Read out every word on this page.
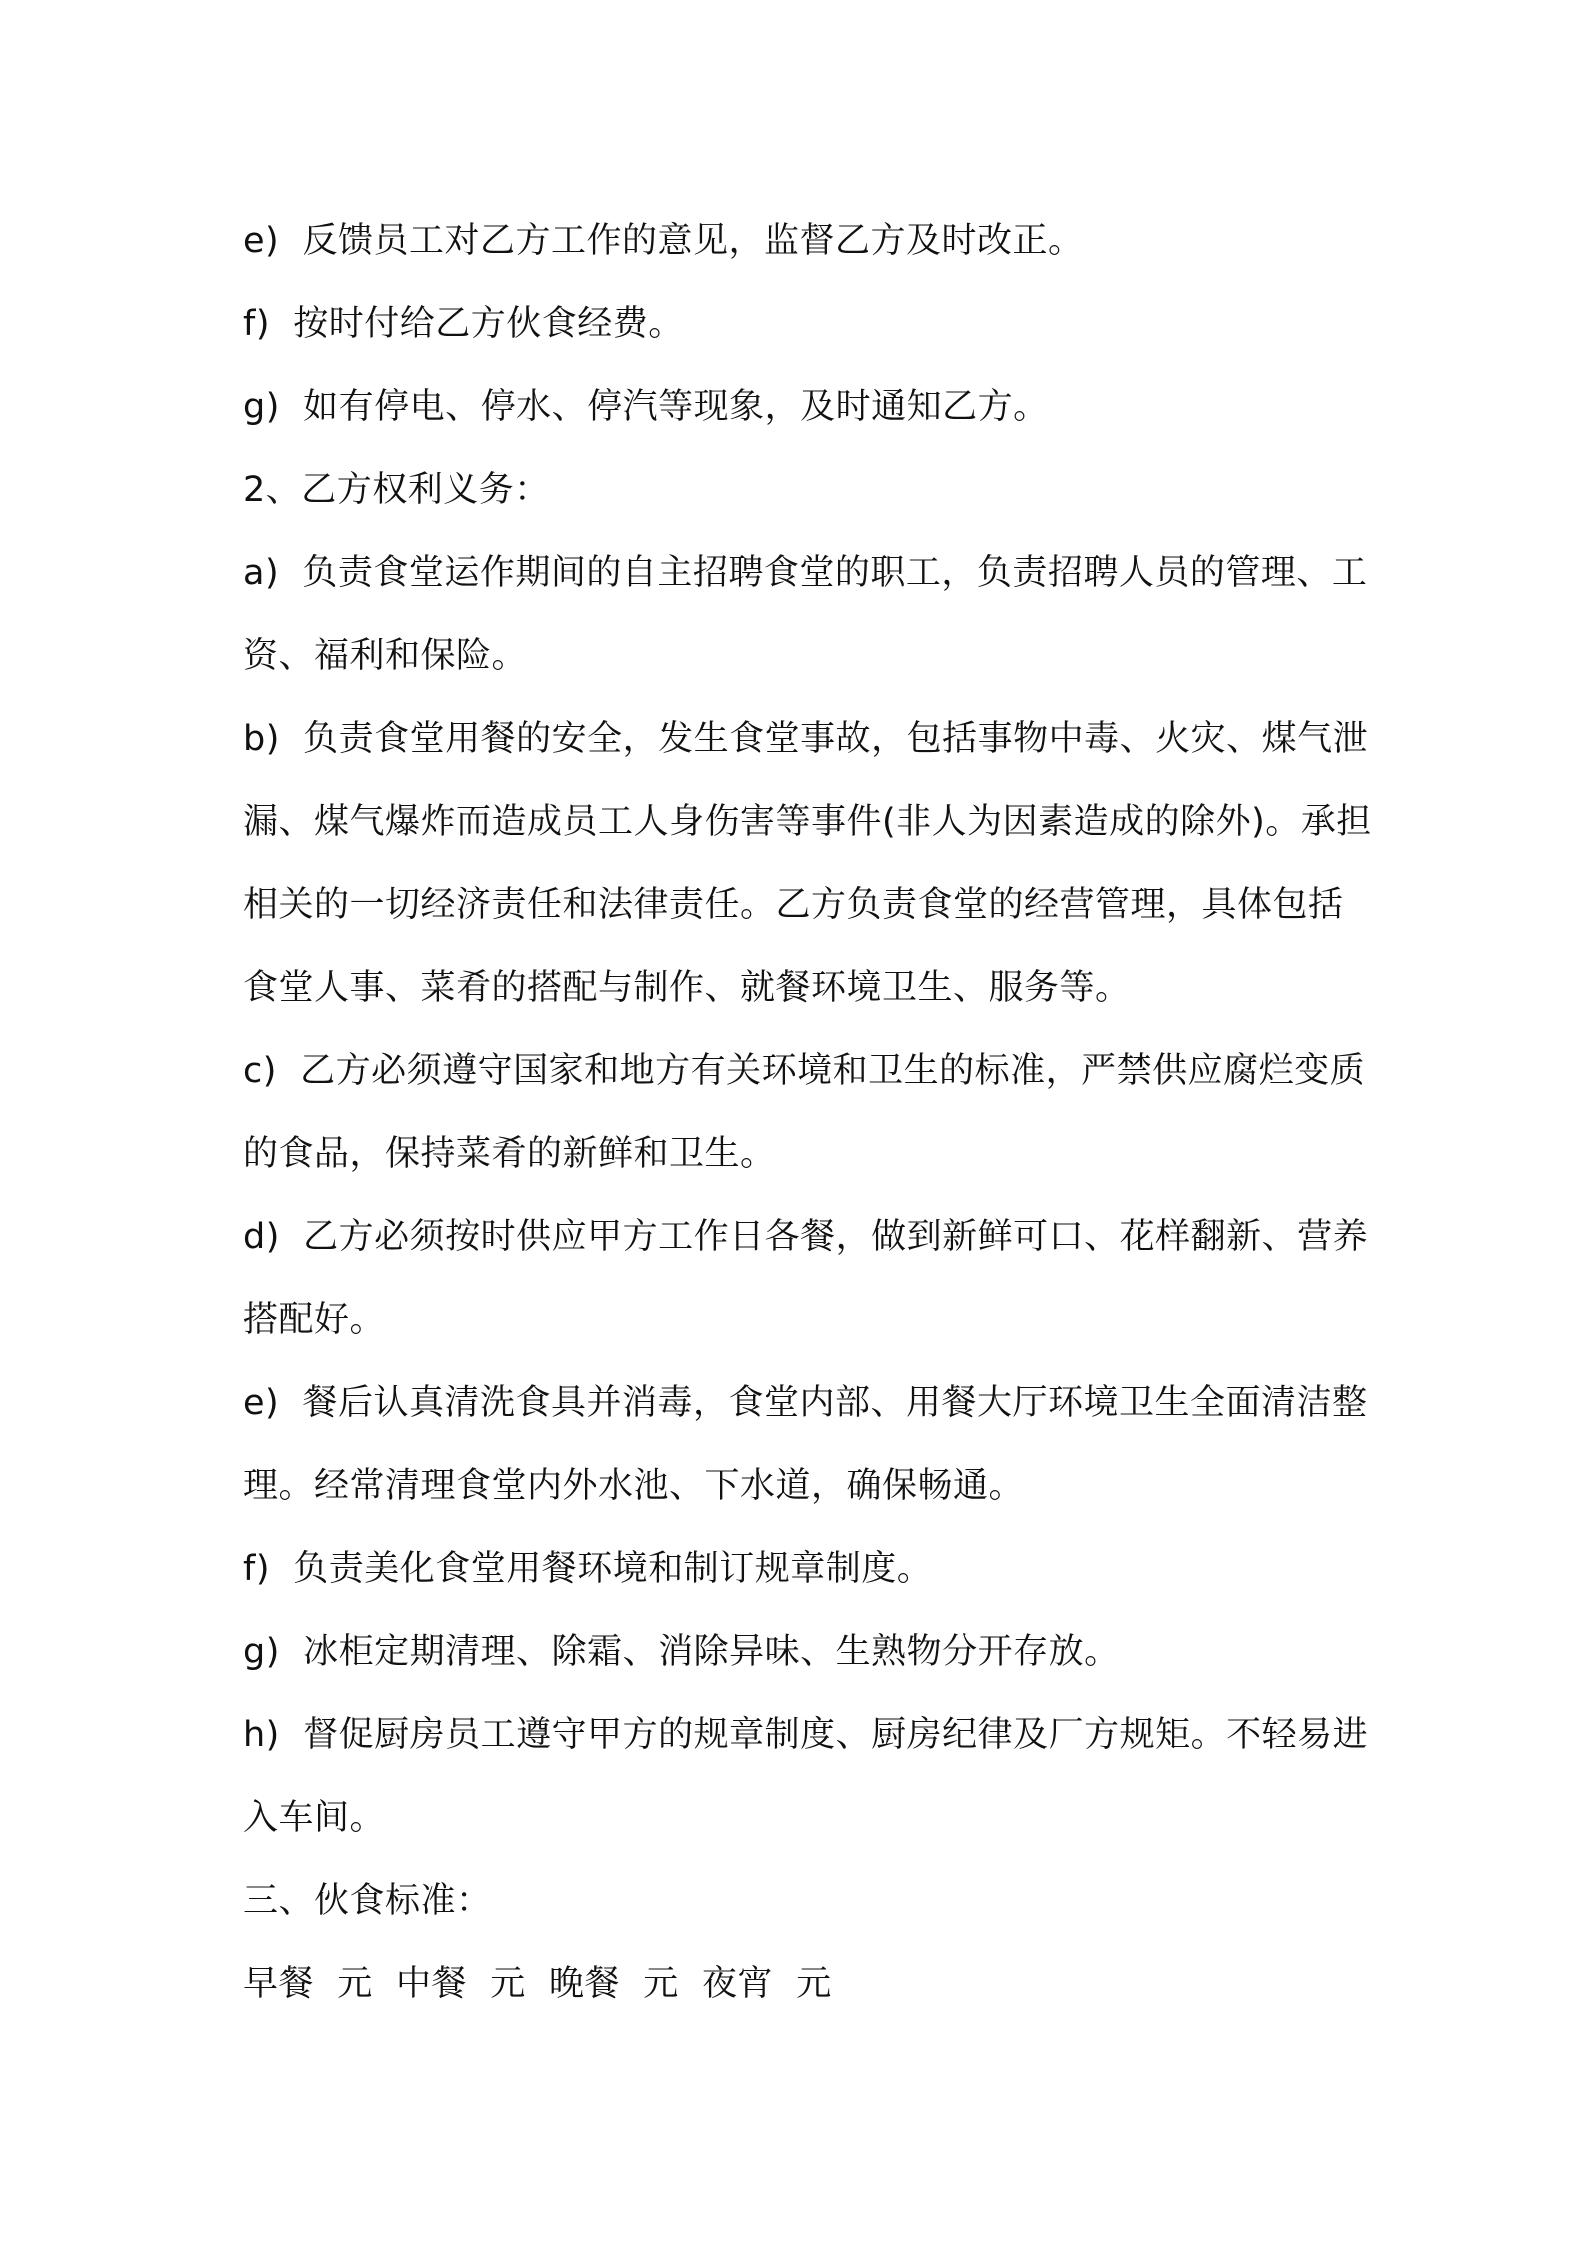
e)  反馈员工对乙方工作的意见，监督乙方及时改正。

f)  按时付给乙方伙食经费。

g)  如有停电、停水、停汽等现象，及时通知乙方。

2、乙方权利义务：

a)  负责食堂运作期间的自主招聘食堂的职工，负责招聘人员的管理、工资、福利和保险。

b)  负责食堂用餐的安全，发生食堂事故，包括事物中毒、火灾、煤气泄漏、煤气爆炸而造成员工人身伤害等事件(非人为因素造成的除外)。承担相关的一切经济责任和法律责任。乙方负责食堂的经营管理，具体包括食堂人事、菜肴的搭配与制作、就餐环境卫生、服务等。

c)  乙方必须遵守国家和地方有关环境和卫生的标准，严禁供应腐烂变质的食品，保持菜肴的新鲜和卫生。

d)  乙方必须按时供应甲方工作日各餐，做到新鲜可口、花样翻新、营养搭配好。

e)  餐后认真清洗食具并消毒，食堂内部、用餐大厅环境卫生全面清洁整理。经常清理食堂内外水池、下水道，确保畅通。

f)  负责美化食堂用餐环境和制订规章制度。

g)  冰柜定期清理、除霜、消除异味、生熟物分开存放。

h)  督促厨房员工遵守甲方的规章制度、厨房纪律及厂方规矩。不轻易进入车间。

三、伙食标准：

早餐  元  中餐  元  晚餐  元  夜宵  元
